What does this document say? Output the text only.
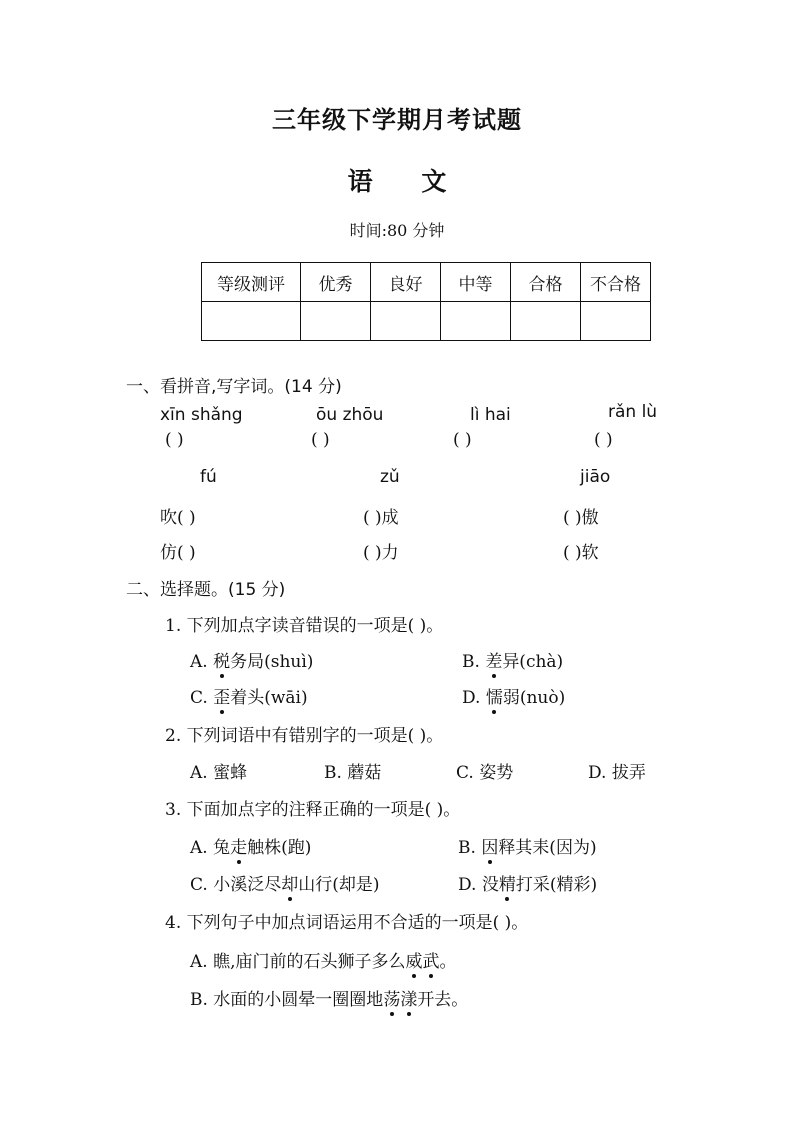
三年级下学期月考试题
语 文
时间:80 分钟
等级测评	优秀	良好	中等	合格	不合格

一、看拼音,写字词。(14 分)
xīn shǎng	ōu zhōu	lì hai	rǎn lù
( )	( )	( )	( )
fú	zǔ	jiāo
吹( )	( )成	( )傲
仿( )	( )力	( )软
二、选择题。(15 分)
1. 下列加点字读音错误的一项是( )。
A. 税务局(shuì)	B. 差异(chà)
C. 歪着头(wāi)	D. 懦弱(nuò)
2. 下列词语中有错别字的一项是( )。
A. 蜜蜂	B. 蘑菇	C. 姿势	D. 拔弄
3. 下面加点字的注释正确的一项是( )。
A. 兔走触株(跑)	B. 因释其耒(因为)
C. 小溪泛尽却山行(却是)	D. 没精打采(精彩)
4. 下列句子中加点词语运用不合适的一项是( )。
A. 瞧,庙门前的石头狮子多么威武。
B. 水面的小圆晕一圈圈地荡漾开去。
